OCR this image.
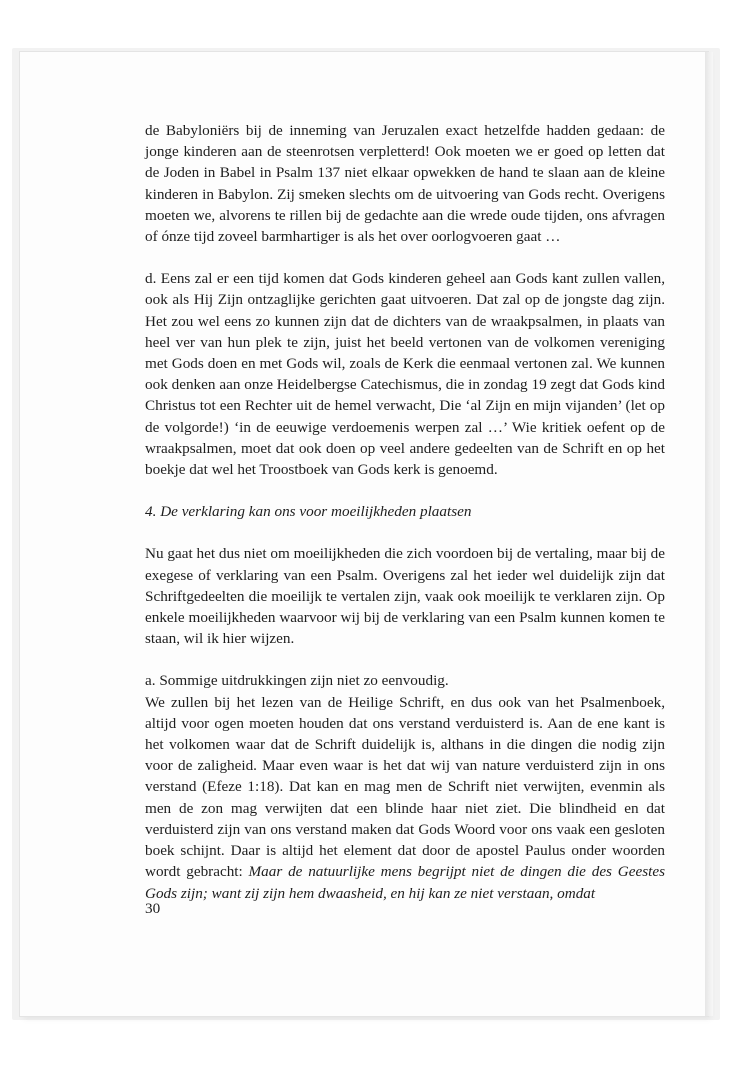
de Babyloniërs bij de inneming van Jeruzalen exact hetzelfde hadden gedaan: de jonge kinderen aan de steenrotsen verpletterd! Ook moeten we er goed op letten dat de Joden in Babel in Psalm 137 niet elkaar opwekken de hand te slaan aan de kleine kinderen in Babylon. Zij smeken slechts om de uitvoering van Gods recht. Overigens moeten we, alvorens te rillen bij de gedachte aan die wrede oude tijden, ons afvragen of ónze tijd zoveel barmhartiger is als het over oorlogvoeren gaat …

d. Eens zal er een tijd komen dat Gods kinderen geheel aan Gods kant zullen vallen, ook als Hij Zijn ontzaglijke gerichten gaat uitvoeren. Dat zal op de jongste dag zijn. Het zou wel eens zo kunnen zijn dat de dichters van de wraakpsalmen, in plaats van heel ver van hun plek te zijn, juist het beeld vertonen van de volkomen vereniging met Gods doen en met Gods wil, zoals de Kerk die eenmaal vertonen zal. We kunnen ook denken aan onze Heidelbergse Catechismus, die in zondag 19 zegt dat Gods kind Christus tot een Rechter uit de hemel verwacht, Die ‘al Zijn en mijn vijanden’ (let op de volgorde!) ‘in de eeuwige verdoemenis werpen zal …’ Wie kritiek oefent op de wraakpsalmen, moet dat ook doen op veel andere gedeelten van de Schrift en op het boekje dat wel het Troostboek van Gods kerk is genoemd.

4. De verklaring kan ons voor moeilijkheden plaatsen

Nu gaat het dus niet om moeilijkheden die zich voordoen bij de vertaling, maar bij de exegese of verklaring van een Psalm. Overigens zal het ieder wel duidelijk zijn dat Schriftgedeelten die moeilijk te vertalen zijn, vaak ook moeilijk te verklaren zijn. Op enkele moeilijkheden waarvoor wij bij de verklaring van een Psalm kunnen komen te staan, wil ik hier wijzen.

a. Sommige uitdrukkingen zijn niet zo eenvoudig.

We zullen bij het lezen van de Heilige Schrift, en dus ook van het Psalmenboek, altijd voor ogen moeten houden dat ons verstand verduisterd is. Aan de ene kant is het volkomen waar dat de Schrift duidelijk is, althans in die dingen die nodig zijn voor de zaligheid. Maar even waar is het dat wij van nature verduisterd zijn in ons verstand (Efeze 1:18). Dat kan en mag men de Schrift niet verwijten, evenmin als men de zon mag verwijten dat een blinde haar niet ziet. Die blindheid en dat verduisterd zijn van ons verstand maken dat Gods Woord voor ons vaak een gesloten boek schijnt. Daar is altijd het element dat door de apostel Paulus onder woorden wordt gebracht: Maar de natuurlijke mens begrijpt niet de dingen die des Geestes Gods zijn; want zij zijn hem dwaasheid, en hij kan ze niet verstaan, omdat

30
